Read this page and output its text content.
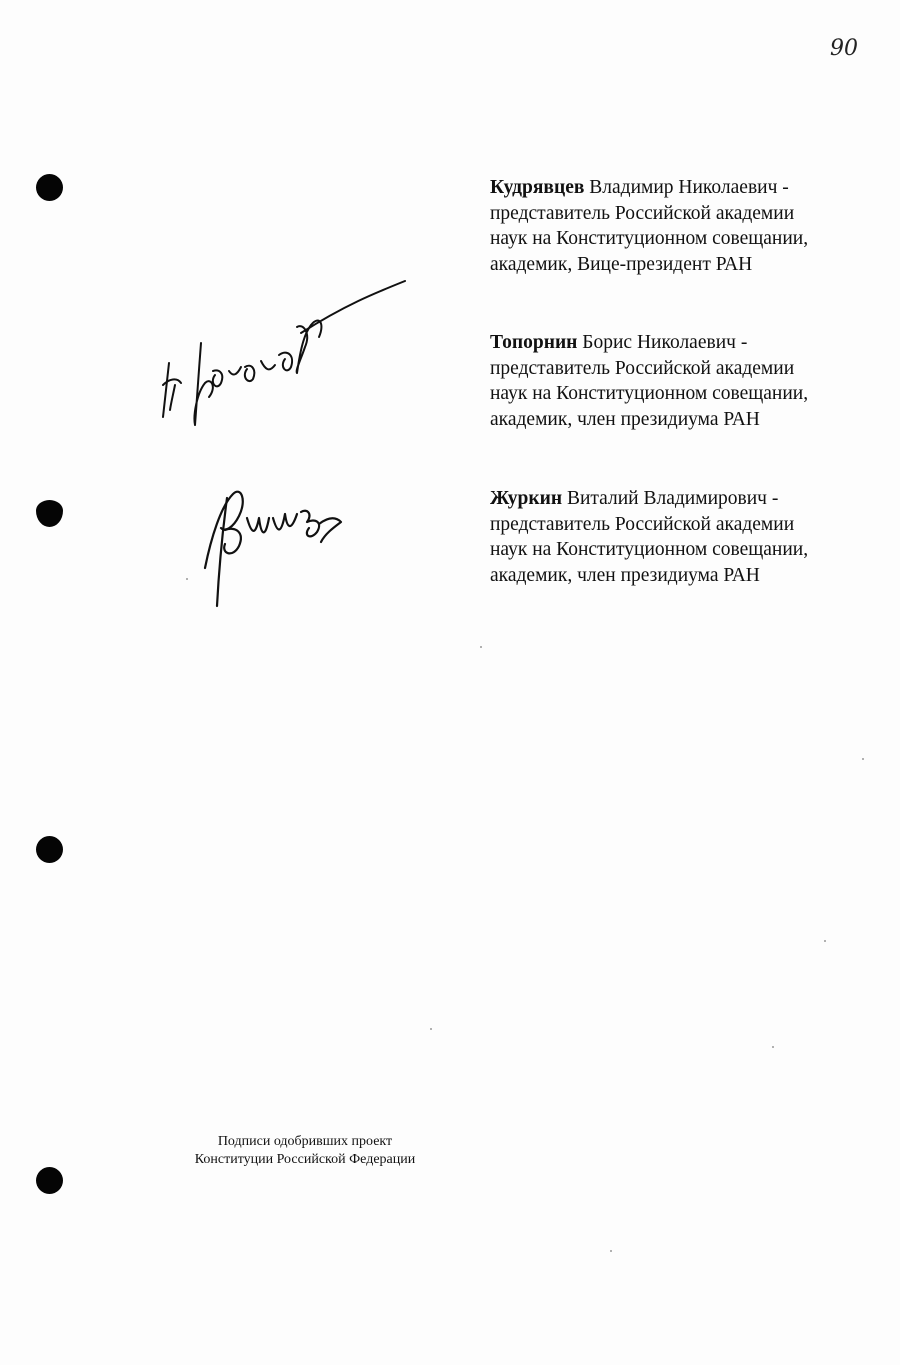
90
Кудрявцев Владимир Николаевич -
представитель Российской академии
наук на Конституционном совещании,
академик, Вице-президент РАН
Топорнин Борис Николаевич -
представитель Российской академии
наук на Конституционном совещании,
академик, член президиума РАН
Журкин Виталий Владимирович -
представитель Российской академии
наук на Конституционном совещании,
академик, член президиума РАН
Подписи одобривших проект
Конституции Российской Федерации
